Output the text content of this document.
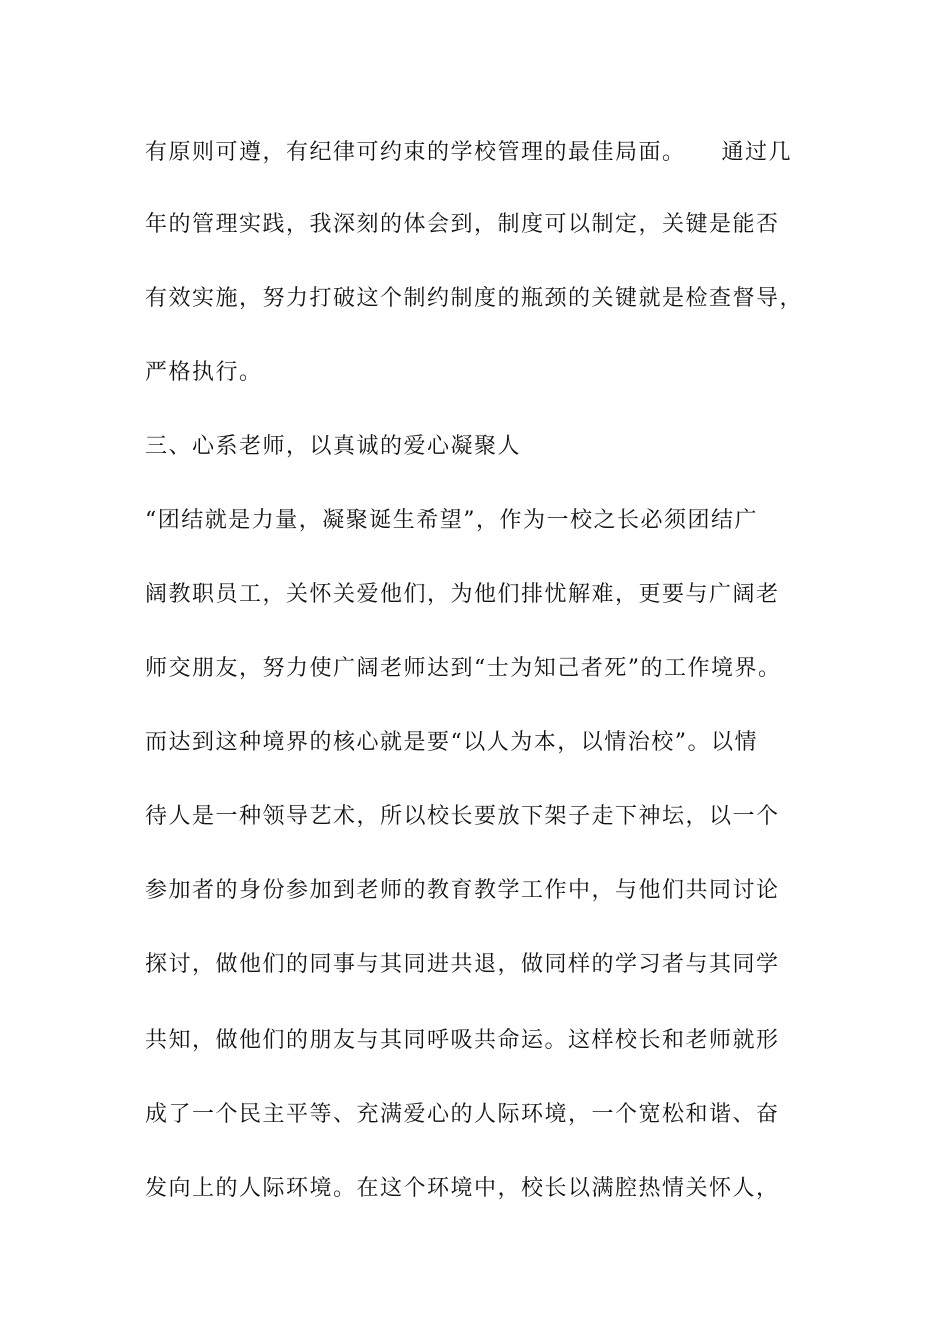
有原则可遵，有纪律可约束的学校管理的最佳局面。　　通过几
年的管理实践，我深刻的体会到，制度可以制定，关键是能否
有效实施，努力打破这个制约制度的瓶颈的关键就是检查督导，
严格执行。
三、心系老师，以真诚的爱心凝聚人
“团结就是力量，凝聚诞生希望”，作为一校之长必须团结广
阔教职员工，关怀关爱他们，为他们排忧解难，更要与广阔老
师交朋友，努力使广阔老师达到“士为知己者死”的工作境界。
而达到这种境界的核心就是要“以人为本，以情治校”。以情
待人是一种领导艺术，所以校长要放下架子走下神坛，以一个
参加者的身份参加到老师的教育教学工作中，与他们共同讨论
探讨，做他们的同事与其同进共退，做同样的学习者与其同学
共知，做他们的朋友与其同呼吸共命运。这样校长和老师就形
成了一个民主平等、充满爱心的人际环境，一个宽松和谐、奋
发向上的人际环境。在这个环境中，校长以满腔热情关怀人，
